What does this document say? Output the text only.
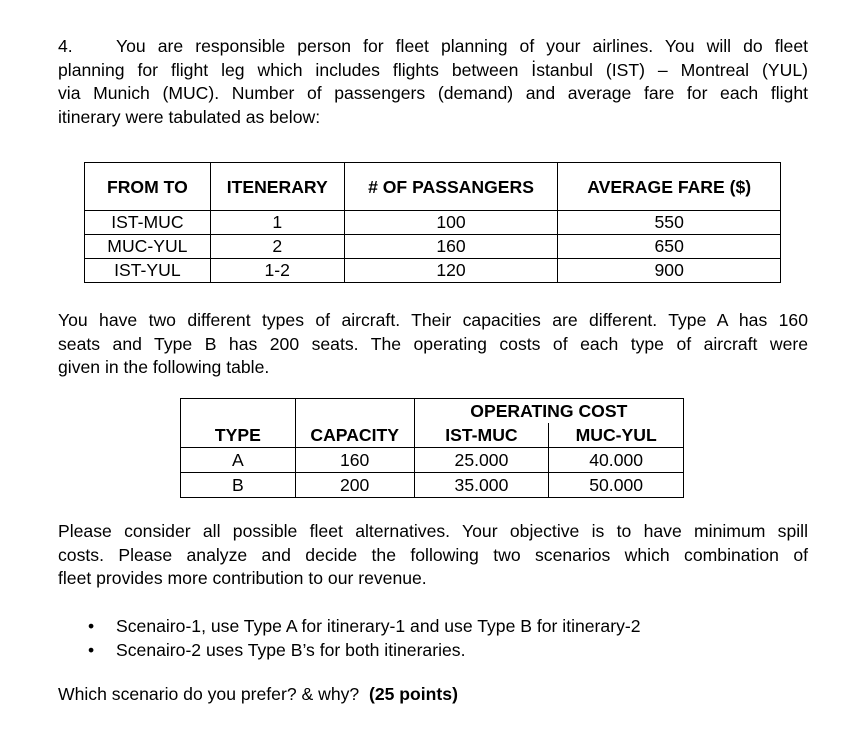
4. You are responsible person for fleet planning of your airlines. You will do fleet
planning for flight leg which includes flights between İstanbul (IST) – Montreal (YUL)
via Munich (MUC). Number of passengers (demand) and average fare for each flight
itinerary were tabulated as below:
FROM TO	ITENERARY	# OF PASSANGERS	AVERAGE FARE ($)
IST-MUC	1	100	550
MUC-YUL	2	160	650
IST-YUL	1-2	120	900
You have two different types of aircraft. Their capacities are different. Type A has 160
seats and Type B has 200 seats. The operating costs of each type of aircraft were
given in the following table.
		OPERATING COST	
TYPE	CAPACITY	IST-MUC	MUC-YUL
A	160	25.000	40.000
B	200	35.000	50.000
Please consider all possible fleet alternatives. Your objective is to have minimum spill
costs. Please analyze and decide the following two scenarios which combination of
fleet provides more contribution to our revenue.
• Scenairo-1, use Type A for itinerary-1 and use Type B for itinerary-2
• Scenairo-2 uses Type B’s for both itineraries.
Which scenario do you prefer? & why? (25 points)
